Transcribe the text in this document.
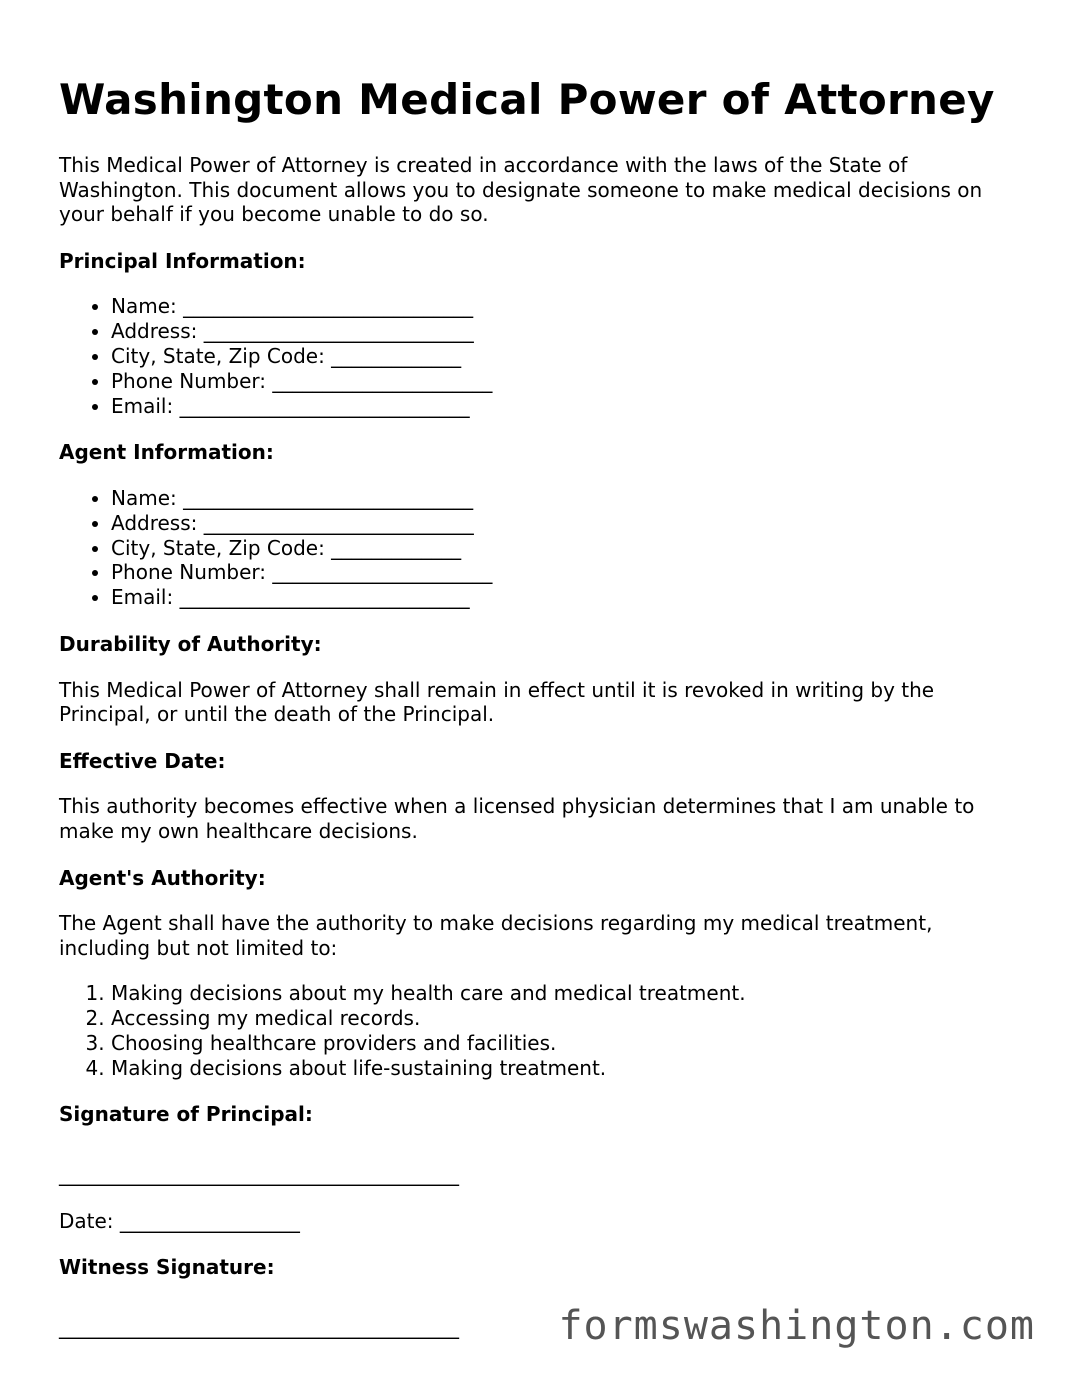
Washington Medical Power of Attorney

This Medical Power of Attorney is created in accordance with the laws of the State of Washington. This document allows you to designate someone to make medical decisions on your behalf if you become unable to do so.

Principal Information:
• Name: _____________________________
• Address: ___________________________
• City, State, Zip Code: _____________
• Phone Number: ______________________
• Email: _____________________________
Agent Information:
• Name: _____________________________
• Address: ___________________________
• City, State, Zip Code: _____________
• Phone Number: ______________________
• Email: _____________________________
Durability of Authority:

This Medical Power of Attorney shall remain in effect until it is revoked in writing by the Principal, or until the death of the Principal.

Effective Date:

This authority becomes effective when a licensed physician determines that I am unable to make my own healthcare decisions.

Agent's Authority:

The Agent shall have the authority to make decisions regarding my medical treatment, including but not limited to:

1. Making decisions about my health care and medical treatment.
2. Accessing my medical records.
3. Choosing healthcare providers and facilities.
4. Making decisions about life-sustaining treatment.
Signature of Principal:

________________________________________

Date: __________________

Witness Signature:

________________________________________	formswashington.com
